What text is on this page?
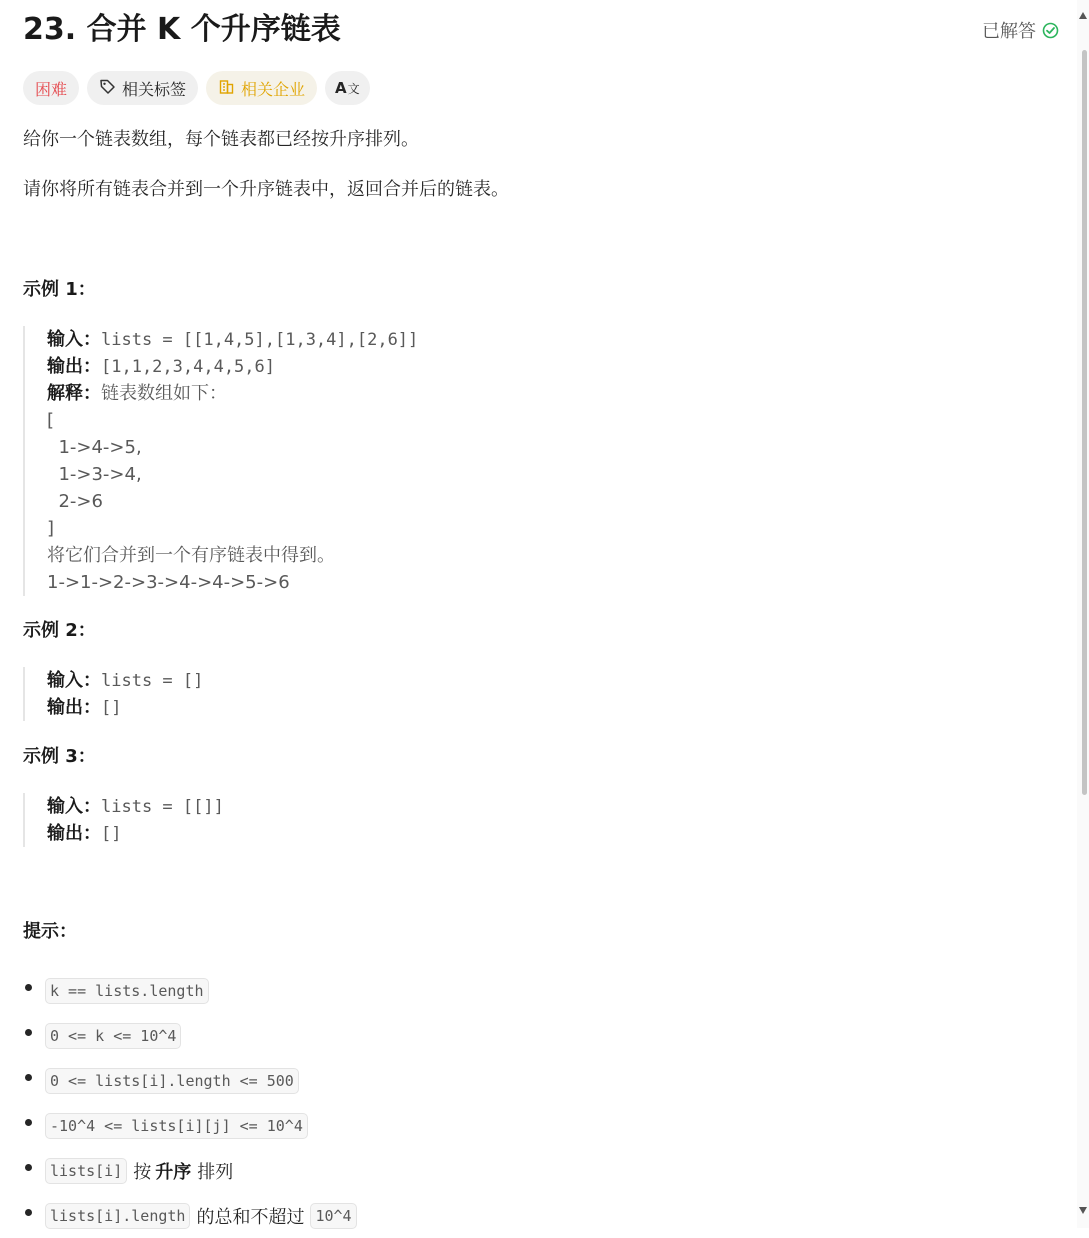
23. 合并 K 个升序链表	已解答
困难	相关标签	相关企业 A 文

给你一个链表数组，每个链表都已经按升序排列。

请你将所有链表合并到一个升序链表中，返回合并后的链表。

示例 1：

输入：lists = [[1,4,5],[1,3,4],[2,6]]
输出：[1,1,2,3,4,4,5,6]
解释：链表数组如下：
[
1->4->5,
1->3->4,
2->6
]
将它们合并到一个有序链表中得到。
1->1->2->3->4->4->5->6

示例 2：

输入：lists = []
输出：[]

示例 3：

输入：lists = [[]]
输出：[]

提示：

k == lists.length
0 <= k <= 10^4
0 <= lists[i].length <= 500
-10^4 <= lists[i][j] <= 10^4
lists[i] 按 升序 排列
lists[i].length 的总和不超过 10^4
